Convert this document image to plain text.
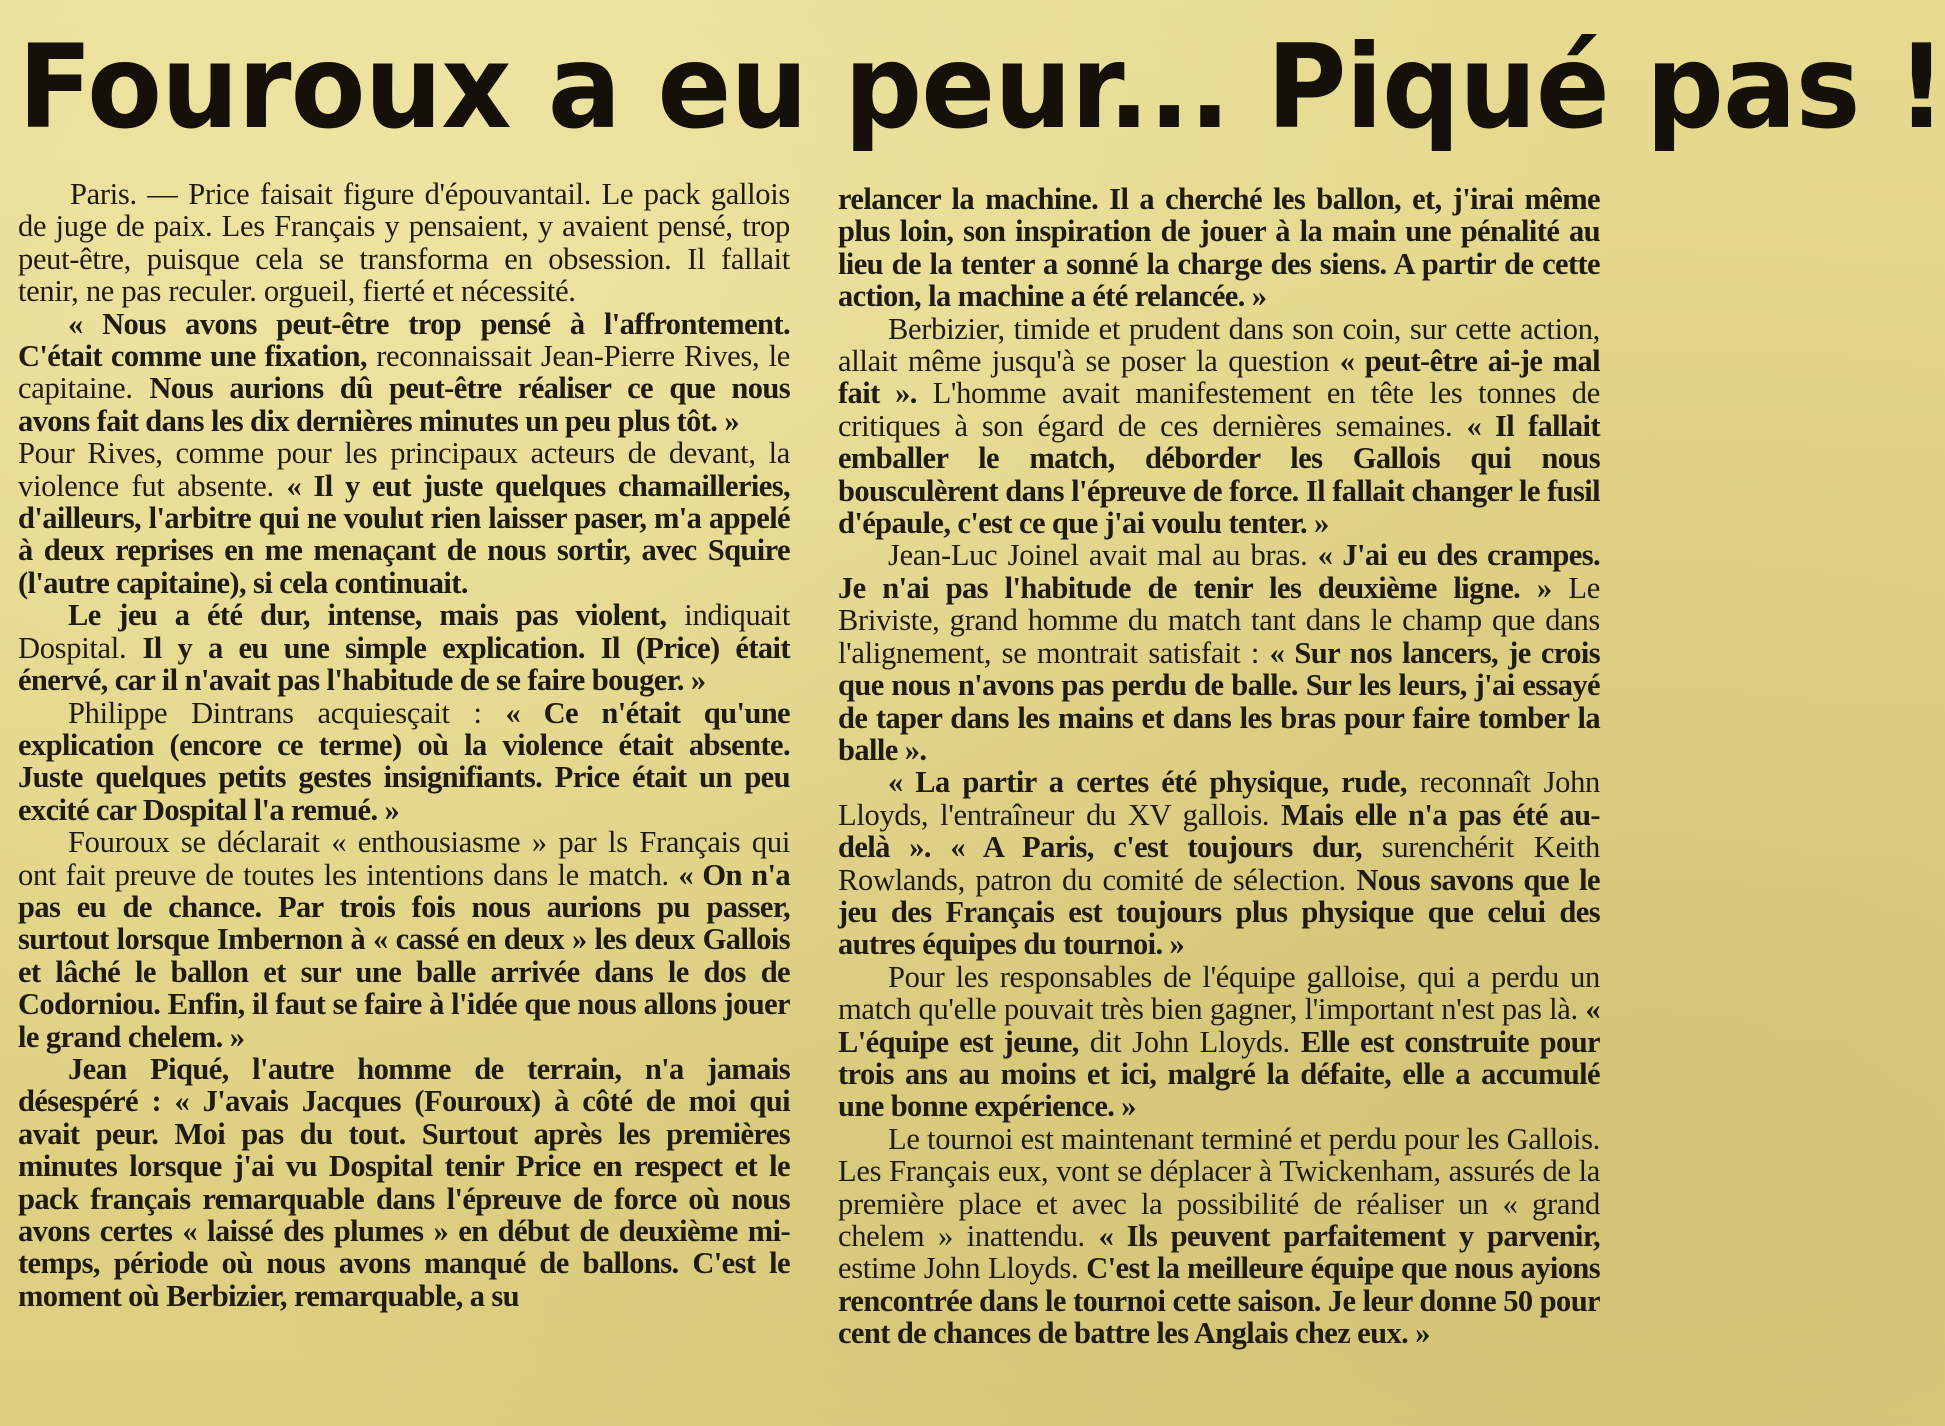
Fouroux a eu peur... Piqué pas !

Paris. — Price faisait figure d'épouvantail. Le pack gallois de juge de paix. Les Français y pensaient, y avaient pensé, trop peut-être, puisque cela se transforma en obsession. Il fallait tenir, ne pas reculer. orgueil, fierté et nécessité.

« Nous avons peut-être trop pensé à l'affrontement. C'était comme une fixation, reconnaissait Jean-Pierre Rives, le capitaine. Nous aurions dû peut-être réaliser ce que nous avons fait dans les dix dernières minutes un peu plus tôt. »

Pour Rives, comme pour les principaux acteurs de devant, la violence fut absente. « Il y eut juste quelques chamailleries, d'ailleurs, l'arbitre qui ne voulut rien laisser paser, m'a appelé à deux reprises en me menaçant de nous sortir, avec Squire (l'autre capitaine), si cela continuait.

Le jeu a été dur, intense, mais pas violent, indiquait Dospital. Il y a eu une simple explication. Il (Price) était énervé, car il n'avait pas l'habitude de se faire bouger. »

Philippe Dintrans acquiesçait : « Ce n'était qu'une explication (encore ce terme) où la violence était absente. Juste quelques petits gestes insignifiants. Price était un peu excité car Dospital l'a remué. »

Fouroux se déclarait « enthousiasme » par ls Français qui ont fait preuve de toutes les intentions dans le match. « On n'a pas eu de chance. Par trois fois nous aurions pu passer, surtout lorsque Imbernon à « cassé en deux » les deux Gallois et lâché le ballon et sur une balle arrivée dans le dos de Codorniou. Enfin, il faut se faire à l'idée que nous allons jouer le grand chelem. »

Jean Piqué, l'autre homme de terrain, n'a jamais désespéré : « J'avais Jacques (Fouroux) à côté de moi qui avait peur. Moi pas du tout. Surtout après les premières minutes lorsque j'ai vu Dospital tenir Price en respect et le pack français remarquable dans l'épreuve de force où nous avons certes « laissé des plumes » en début de deuxième mi-temps, période où nous avons manqué de ballons. C'est le moment où Berbizier, remarquable, a su

relancer la machine. Il a cherché les ballon, et, j'irai même plus loin, son inspiration de jouer à la main une pénalité au lieu de la tenter a sonné la charge des siens. A partir de cette action, la machine a été relancée. »

Berbizier, timide et prudent dans son coin, sur cette action, allait même jusqu'à se poser la question « peut-être ai-je mal fait ». L'homme avait manifestement en tête les tonnes de critiques à son égard de ces dernières semaines. « Il fallait emballer le match, déborder les Gallois qui nous bousculèrent dans l'épreuve de force. Il fallait changer le fusil d'épaule, c'est ce que j'ai voulu tenter. »

Jean-Luc Joinel avait mal au bras. « J'ai eu des crampes. Je n'ai pas l'habitude de tenir les deuxième ligne. » Le Briviste, grand homme du match tant dans le champ que dans l'alignement, se montrait satisfait : « Sur nos lancers, je crois que nous n'avons pas perdu de balle. Sur les leurs, j'ai essayé de taper dans les mains et dans les bras pour faire tomber la balle ».

« La partir a certes été physique, rude, reconnaît John Lloyds, l'entraîneur du XV gallois. Mais elle n'a pas été au-delà ». « A Paris, c'est toujours dur, surenchérit Keith Rowlands, patron du comité de sélection. Nous savons que le jeu des Français est toujours plus physique que celui des autres équipes du tournoi. »

Pour les responsables de l'équipe galloise, qui a perdu un match qu'elle pouvait très bien gagner, l'important n'est pas là. « L'équipe est jeune, dit John Lloyds. Elle est construite pour trois ans au moins et ici, malgré la défaite, elle a accumulé une bonne expérience. »

Le tournoi est maintenant terminé et perdu pour les Gallois. Les Français eux, vont se déplacer à Twickenham, assurés de la première place et avec la possibilité de réaliser un « grand chelem » inattendu. « Ils peuvent parfaitement y parvenir, estime John Lloyds. C'est la meilleure équipe que nous ayions rencontrée dans le tournoi cette saison. Je leur donne 50 pour cent de chances de battre les Anglais chez eux. »
